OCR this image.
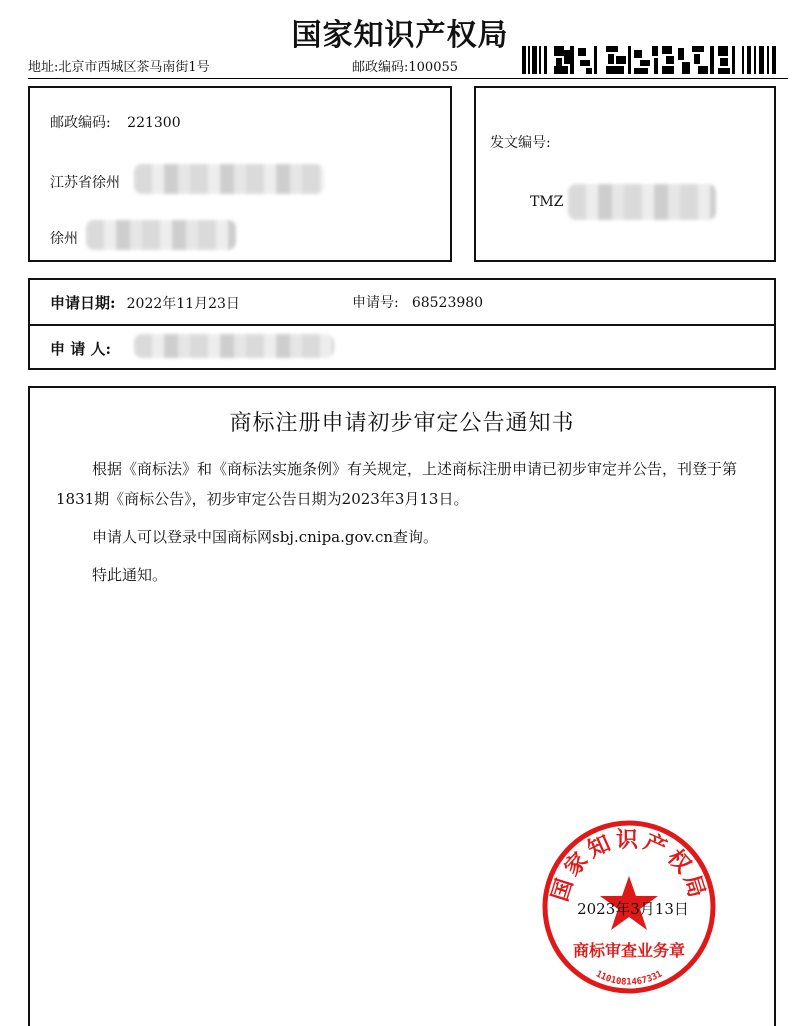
国家知识产权局
地址:北京市西城区茶马南街1号	邮政编码:100055
邮政编码: 221300
江苏省徐州
徐州
发文编号:
TMZ
申请日期: 2022年11月23日	申请号: 68523980
申 请 人:
商标注册申请初步审定公告通知书
根据《商标法》和《商标法实施条例》有关规定，上述商标注册申请已初步审定并公告，刊登于第1831期《商标公告》，初步审定公告日期为2023年3月13日。
申请人可以登录中国商标网sbj.cnipa.gov.cn查询。
特此通知。
国家知识产权局
商标审查业务章
1101081467331
2023年3月13日
